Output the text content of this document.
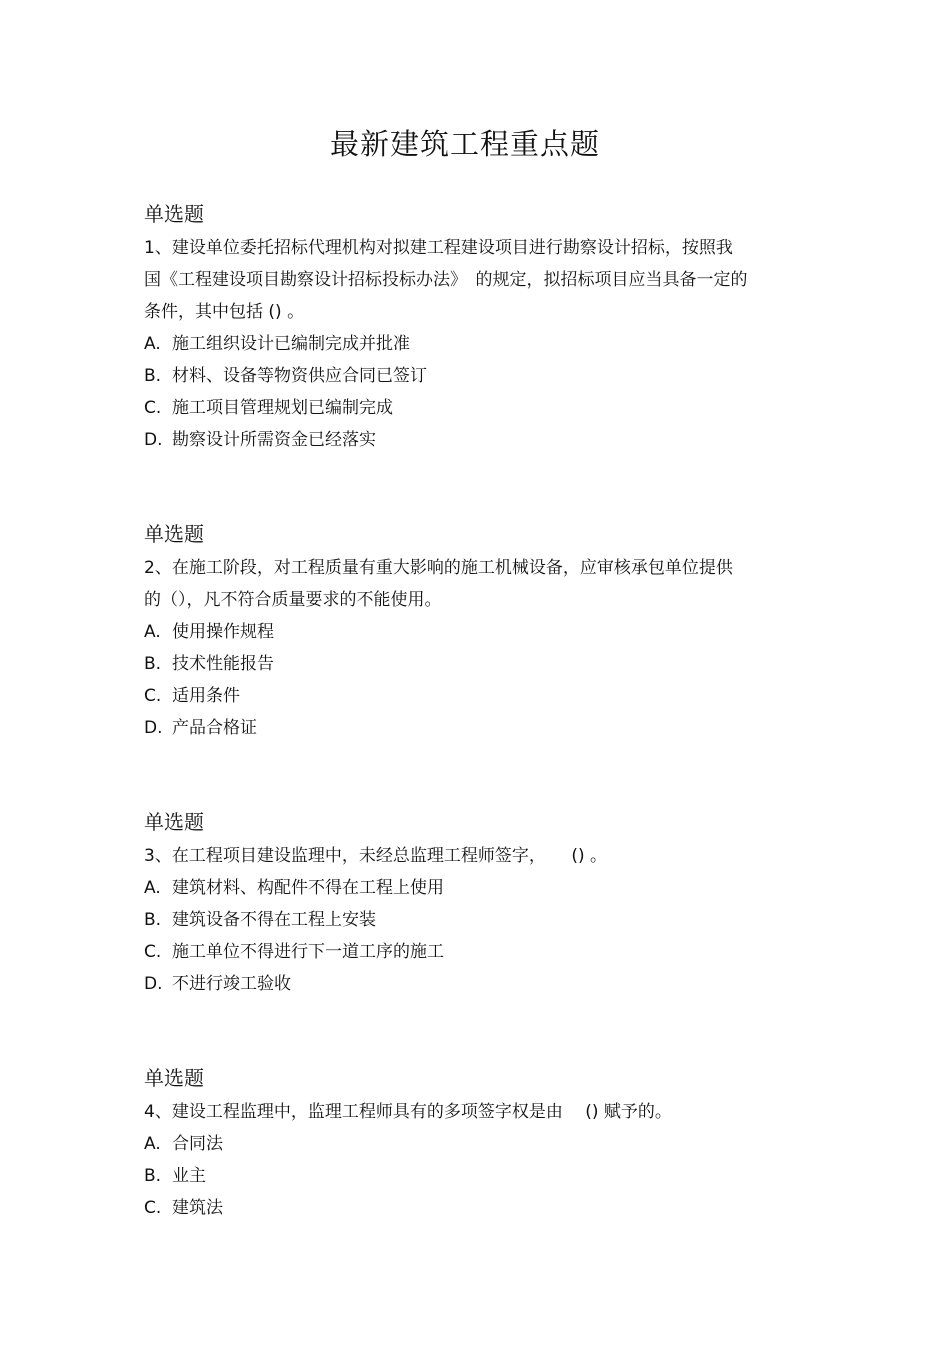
最新建筑工程重点题
单选题
1、建设单位委托招标代理机构对拟建工程建设项目进行勘察设计招标，按照我
国《工程建设项目勘察设计招标投标办法》　的规定，拟招标项目应当具备一定的
条件，其中包括 () 。
A. 施工组织设计已编制完成并批准
B. 材料、设备等物资供应合同已签订
C. 施工项目管理规划已编制完成
D. 勘察设计所需资金已经落实
单选题
2、在施工阶段，对工程质量有重大影响的施工机械设备，应审核承包单位提供
的（），凡不符合质量要求的不能使用。
A. 使用操作规程
B. 技术性能报告
C. 适用条件
D. 产品合格证
单选题
3、在工程项目建设监理中，未经总监理工程师签字，　　() 。
A. 建筑材料、构配件不得在工程上使用
B. 建筑设备不得在工程上安装
C. 施工单位不得进行下一道工序的施工
D. 不进行竣工验收
单选题
4、建设工程监理中，监理工程师具有的多项签字权是由　 () 赋予的。
A. 合同法
B. 业主
C. 建筑法
